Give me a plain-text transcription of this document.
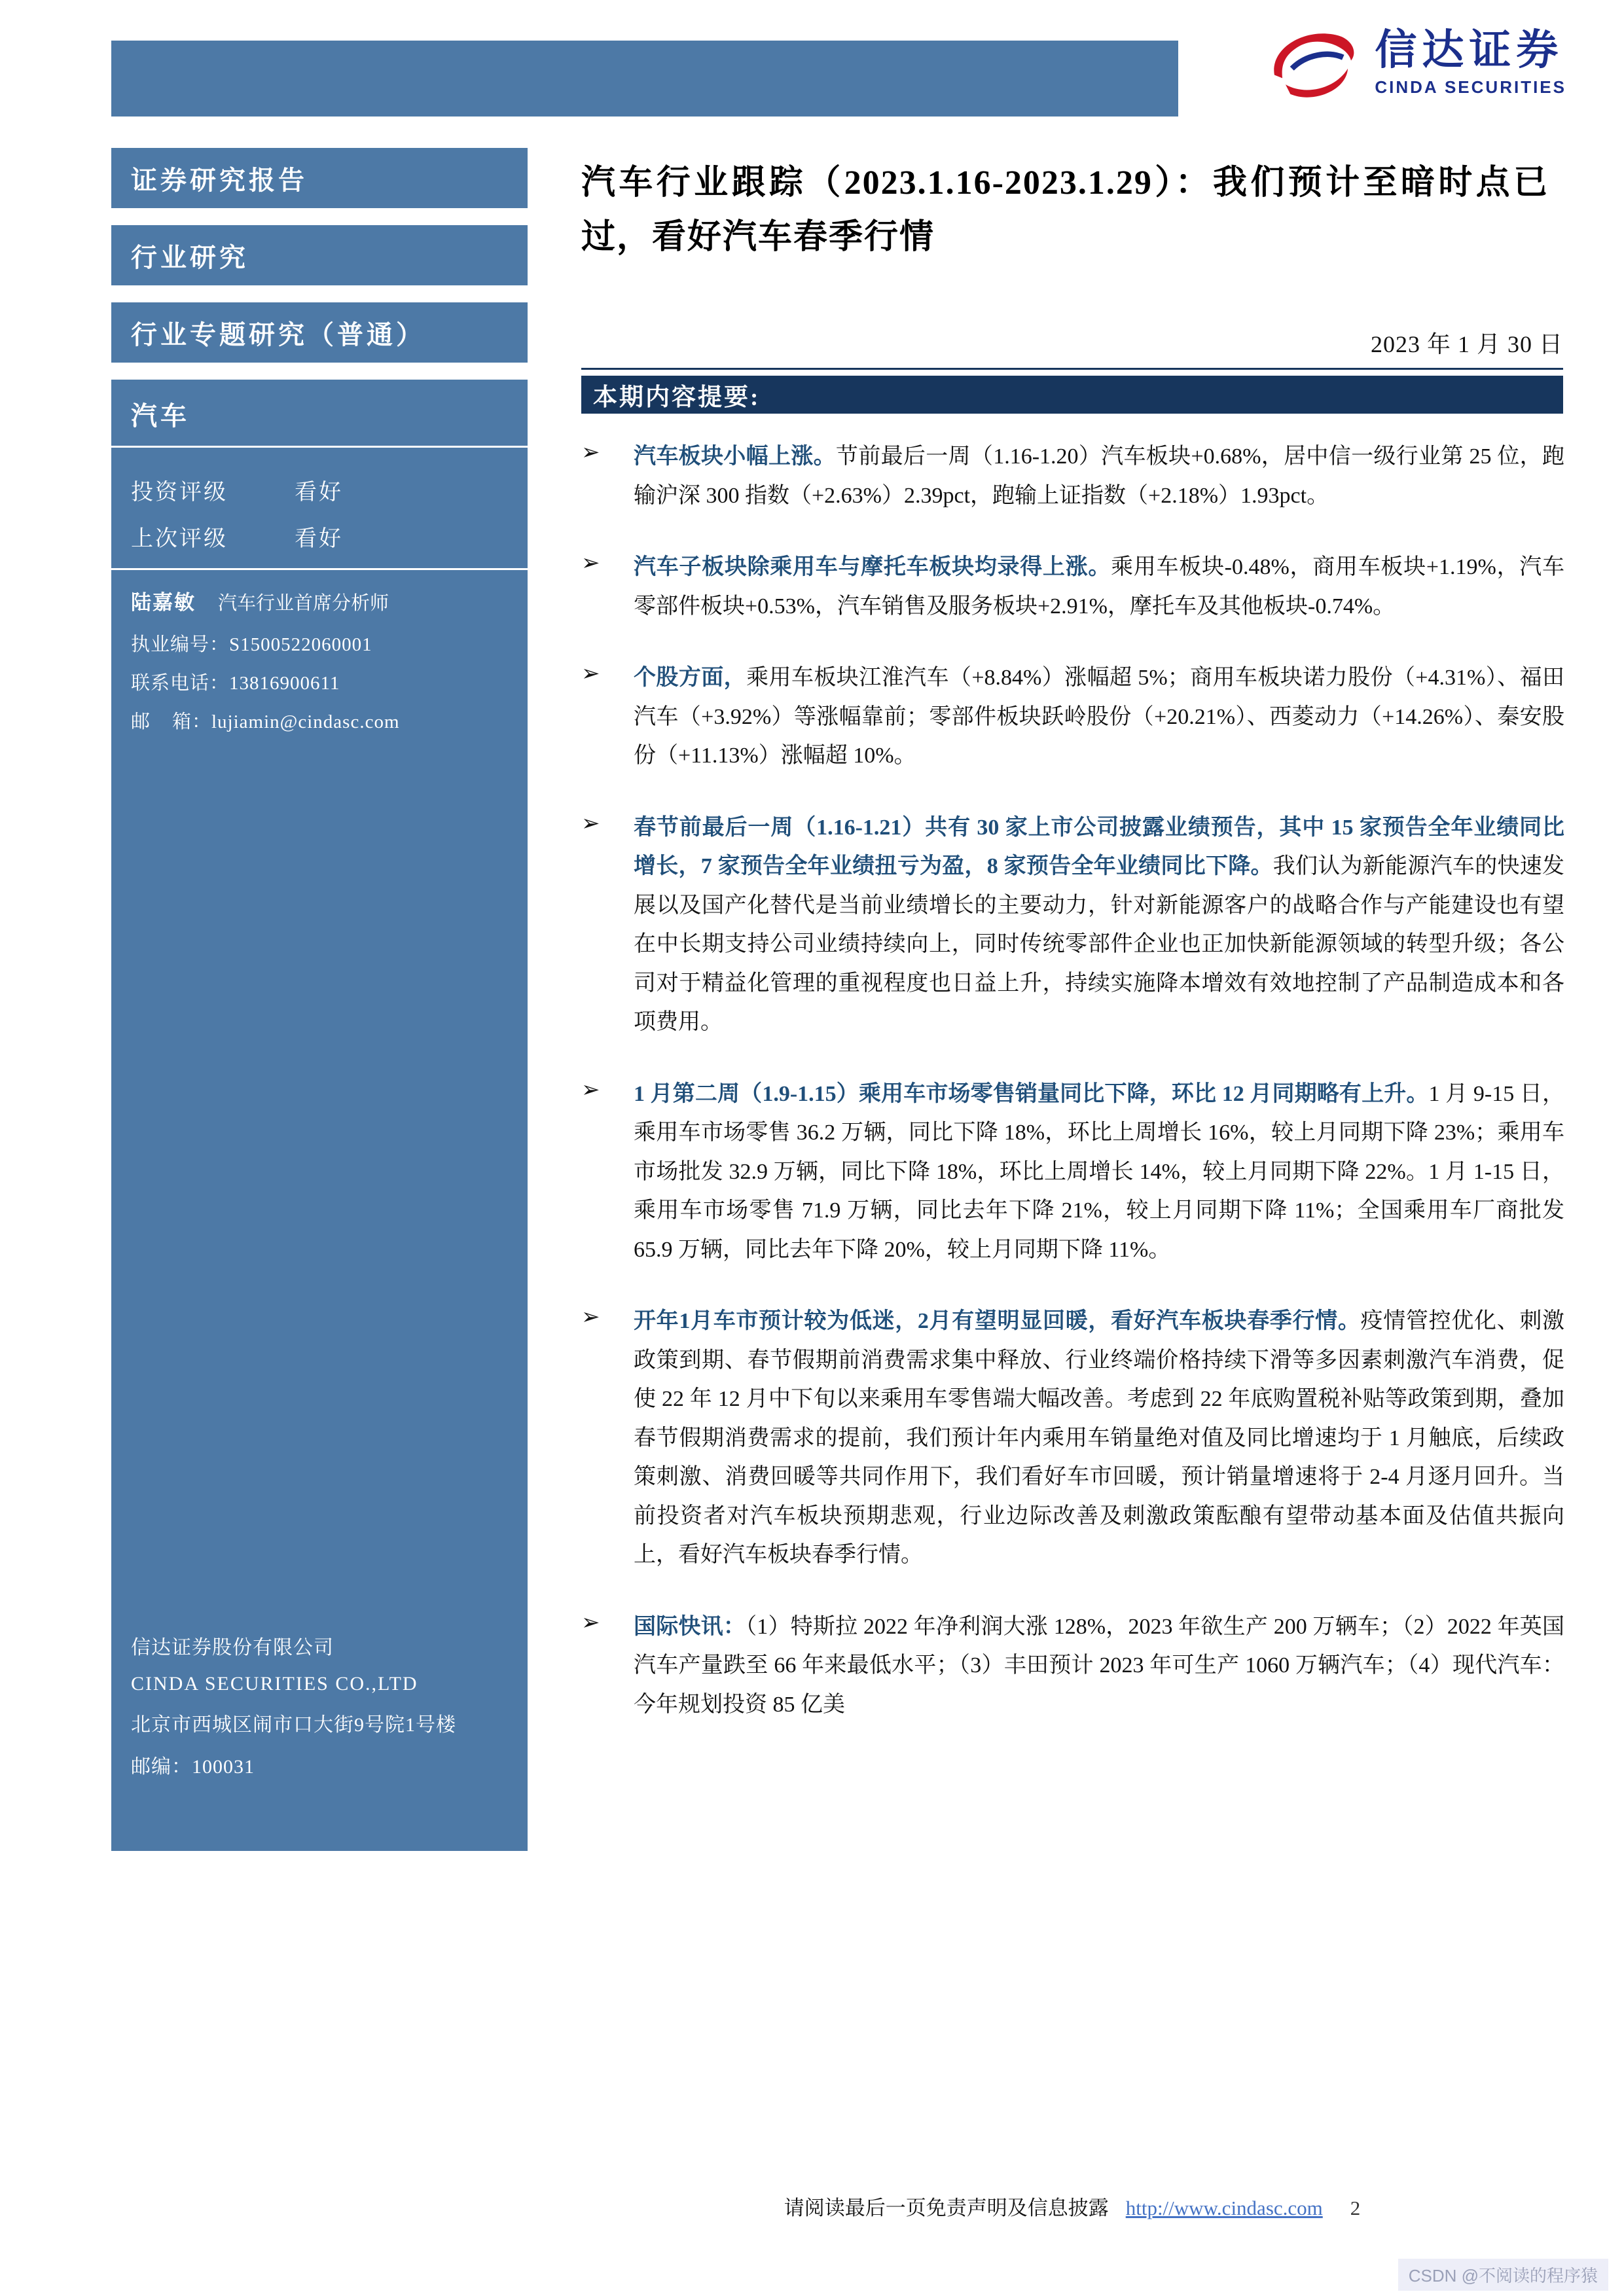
信达证券
CINDA SECURITIES
证券研究报告
行业研究
行业专题研究（普通）
汽车
投资评级	看好
上次评级	看好
陆嘉敏 汽车行业首席分析师
执业编号：S1500522060001
联系电话：13816900611
邮    箱：lujiamin@cindasc.com
信达证券股份有限公司
CINDA SECURITIES CO.,LTD
北京市西城区闹市口大街9号院1号楼
邮编：100031
汽车行业跟踪（2023.1.16-2023.1.29）：我们预计至暗时点已过，看好汽车春季行情
2023 年 1 月 30 日
本期内容提要:
➢	汽车板块小幅上涨。节前最后一周（1.16-1.20）汽车板块+0.68%，居中信一级行业第 25 位，跑输沪深 300 指数（+2.63%）2.39pct，跑输上证指数（+2.18%）1.93pct。

➢	汽车子板块除乘用车与摩托车板块均录得上涨。乘用车板块-0.48%，商用车板块+1.19%，汽车零部件板块+0.53%，汽车销售及服务板块+2.91%，摩托车及其他板块-0.74%。

➢	个股方面，乘用车板块江淮汽车（+8.84%）涨幅超 5%；商用车板块诺力股份（+4.31%）、福田汽车（+3.92%）等涨幅靠前；零部件板块跃岭股份（+20.21%）、西菱动力（+14.26%）、秦安股份（+11.13%）涨幅超 10%。

➢	春节前最后一周（1.16-1.21）共有 30 家上市公司披露业绩预告，其中 15 家预告全年业绩同比增长，7 家预告全年业绩扭亏为盈，8 家预告全年业绩同比下降。我们认为新能源汽车的快速发展以及国产化替代是当前业绩增长的主要动力，针对新能源客户的战略合作与产能建设也有望在中长期支持公司业绩持续向上，同时传统零部件企业也正加快新能源领域的转型升级；各公司对于精益化管理的重视程度也日益上升，持续实施降本增效有效地控制了产品制造成本和各项费用。

➢	1 月第二周（1.9-1.15）乘用车市场零售销量同比下降，环比 12 月同期略有上升。1 月 9-15 日，乘用车市场零售 36.2 万辆，同比下降 18%，环比上周增长 16%，较上月同期下降 23%；乘用车市场批发 32.9 万辆，同比下降 18%，环比上周增长 14%，较上月同期下降 22%。1 月 1-15 日，乘用车市场零售 71.9 万辆，同比去年下降 21%，较上月同期下降 11%；全国乘用车厂商批发 65.9 万辆，同比去年下降 20%，较上月同期下降 11%。

➢	开年1月车市预计较为低迷，2月有望明显回暖，看好汽车板块春季行情。疫情管控优化、刺激政策到期、春节假期前消费需求集中释放、行业终端价格持续下滑等多因素刺激汽车消费，促使 22 年 12 月中下旬以来乘用车零售端大幅改善。考虑到 22 年底购置税补贴等政策到期，叠加春节假期消费需求的提前，我们预计年内乘用车销量绝对值及同比增速均于 1 月触底，后续政策刺激、消费回暖等共同作用下，我们看好车市回暖，预计销量增速将于 2-4 月逐月回升。当前投资者对汽车板块预期悲观，行业边际改善及刺激政策酝酿有望带动基本面及估值共振向上，看好汽车板块春季行情。

➢	国际快讯：（1）特斯拉 2022 年净利润大涨 128%，2023 年欲生产 200 万辆车；（2）2022 年英国汽车产量跌至 66 年来最低水平；（3）丰田预计 2023 年可生产 1060 万辆汽车；（4）现代汽车：今年规划投资 85 亿美

请阅读最后一页免责声明及信息披露 http://www.cindasc.com 2
CSDN @不阅读的程序猿
